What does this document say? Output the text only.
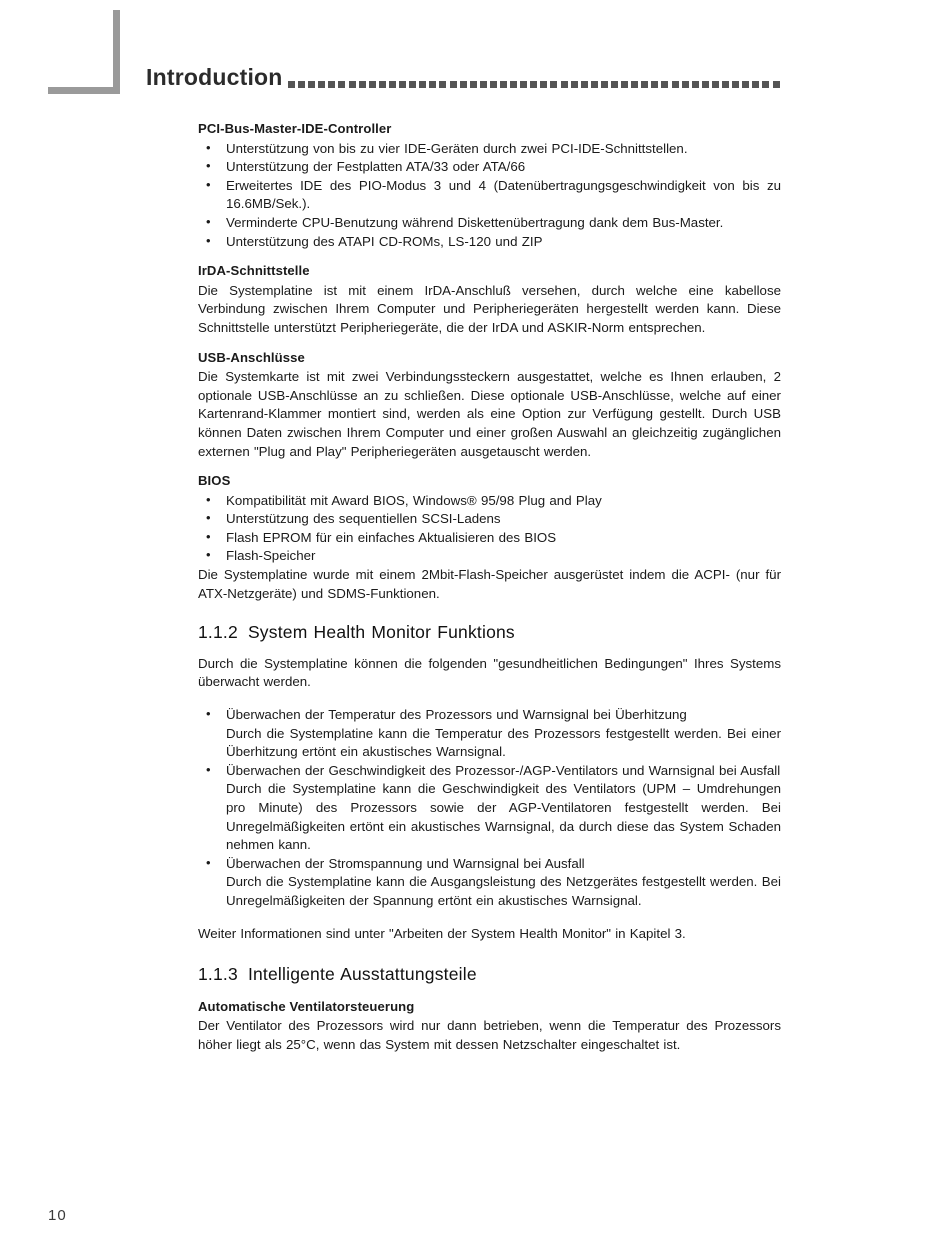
Introduction
PCI-Bus-Master-IDE-Controller
• Unterstützung von bis zu vier IDE-Geräten durch zwei PCI-IDE-Schnittstellen.
• Unterstützung der Festplatten ATA/33 oder ATA/66
• Erweitertes IDE des PIO-Modus 3 und 4 (Datenübertragungsgeschwindigkeit von bis zu 16.6MB/Sek.).
• Verminderte CPU-Benutzung während Diskettenübertragung dank dem Bus-Master.
• Unterstützung des ATAPI CD-ROMs, LS-120 und ZIP
IrDA-Schnittstelle

Die Systemplatine ist mit einem IrDA-Anschluß versehen, durch welche eine kabellose Verbindung zwischen Ihrem Computer und Peripheriegeräten hergestellt werden kann. Diese Schnittstelle unterstützt Peripheriegeräte, die der IrDA und ASKIR-Norm entsprechen.

USB-Anschlüsse

Die Systemkarte ist mit zwei Verbindungssteckern ausgestattet, welche es Ihnen erlauben, 2 optionale USB-Anschlüsse an zu schließen. Diese optionale USB-Anschlüsse, welche auf einer Kartenrand-Klammer montiert sind, werden als eine Option zur Verfügung gestellt. Durch USB können Daten zwischen Ihrem Computer und einer großen Auswahl an gleichzeitig zugänglichen externen "Plug and Play" Peripheriegeräten ausgetauscht werden.

BIOS
• Kompatibilität mit Award BIOS, Windows® 95/98 Plug and Play
• Unterstützung des sequentiellen SCSI-Ladens
• Flash EPROM für ein einfaches Aktualisieren des BIOS
• Flash-Speicher

Die Systemplatine wurde mit einem 2Mbit-Flash-Speicher ausgerüstet indem die ACPI- (nur für ATX-Netzgeräte) und SDMS-Funktionen.

1.1.2 System Health Monitor Funktions

Durch die Systemplatine können die folgenden "gesundheitlichen Bedingungen" Ihres Systems überwacht werden.

• Überwachen der Temperatur des Prozessors und Warnsignal bei Überhitzung
Durch die Systemplatine kann die Temperatur des Prozessors festgestellt werden. Bei einer Überhitzung ertönt ein akustisches Warnsignal.
• Überwachen der Geschwindigkeit des Prozessor-/AGP-Ventilators und Warnsignal bei Ausfall
Durch die Systemplatine kann die Geschwindigkeit des Ventilators (UPM – Umdrehungen pro Minute) des Prozessors sowie der AGP-Ventilatoren festgestellt werden. Bei Unregelmäßigkeiten ertönt ein akustisches Warnsignal, da durch diese das System Schaden nehmen kann.
• Überwachen der Stromspannung und Warnsignal bei Ausfall
Durch die Systemplatine kann die Ausgangsleistung des Netzgerätes festgestellt werden. Bei Unregelmäßigkeiten der Spannung ertönt ein akustisches Warnsignal.

Weiter Informationen sind unter "Arbeiten der System Health Monitor" in Kapitel 3.

1.1.3 Intelligente Ausstattungsteile
Automatische Ventilatorsteuerung

Der Ventilator des Prozessors wird nur dann betrieben, wenn die Temperatur des Prozessors höher liegt als 25°C, wenn das System mit dessen Netzschalter eingeschaltet ist.

10
